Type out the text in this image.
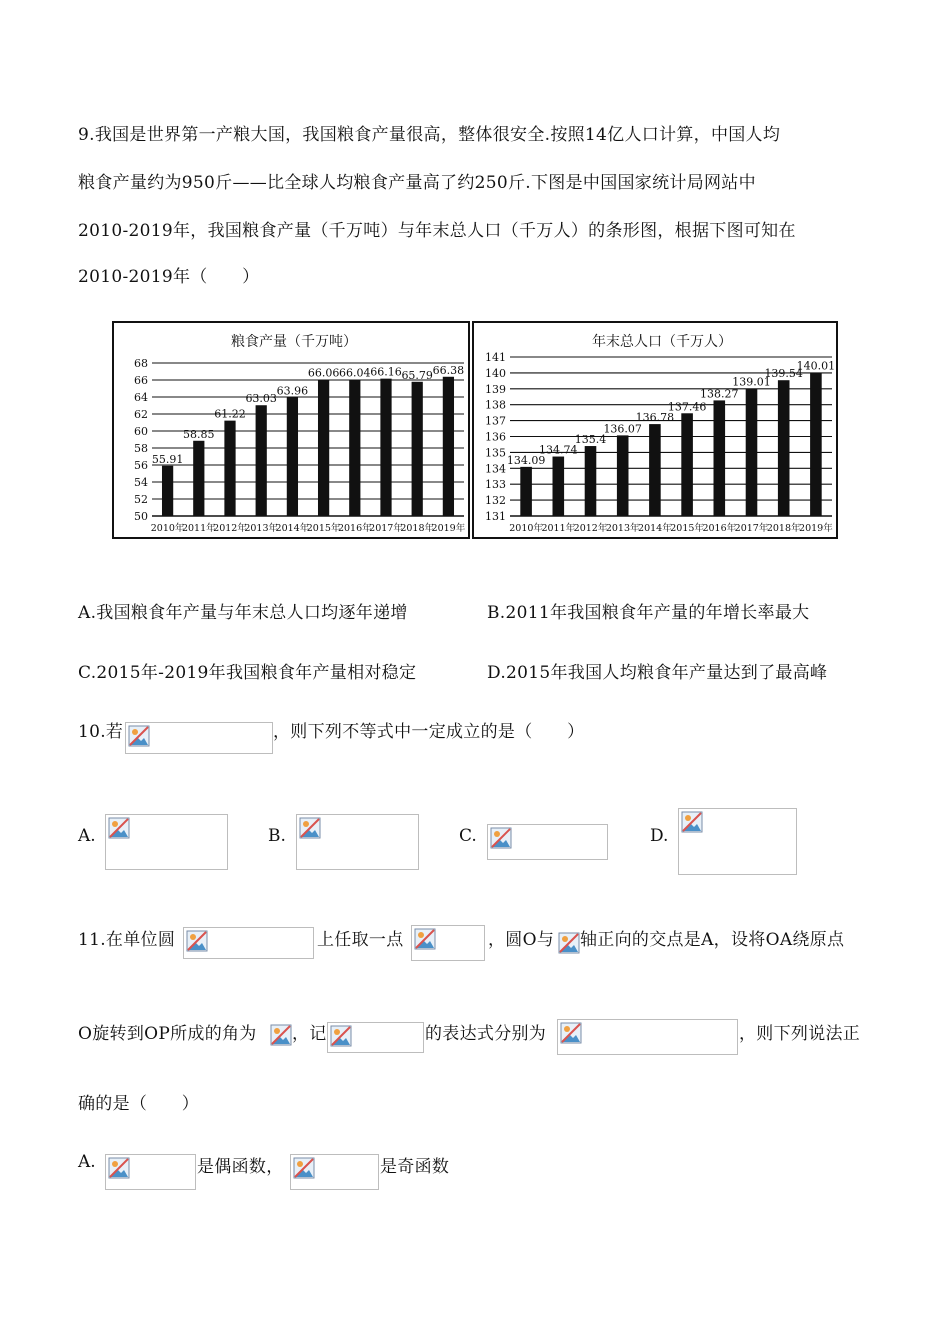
9.我国是世界第一产粮大国，我国粮食产量很高，整体很安全.按照14亿人口计算，中国人均
粮食产量约为950斤——比全球人均粮食产量高了约250斤.下图是中国国家统计局网站中
2010-2019年，我国粮食产量（千万吨）与年末总人口（千万人）的条形图，根据下图可知在
2010-2019年（　　）
粮食产量（千万吨）
50
52
54
56
58
60
62
64
66
68
55.91
2010年
58.85
2011年
61.22
2012年
63.03
2013年
63.96
2014年
66.06
2015年
66.04
2016年
66.16
2017年
65.79
2018年
66.38
2019年
年末总人口（千万人）
131
132
133
134
135
136
137
138
139
140
141
134.09
2010年
134.74
2011年
135.4
2012年
136.07
2013年
136.78
2014年
137.46
2015年
138.27
2016年
139.01
2017年
139.54
2018年
140.01
2019年
A.我国粮食年产量与年末总人口均逐年递增	B.2011年我国粮食年产量的年增长率最大
C.2015年-2019年我国粮食年产量相对稳定	D.2015年我国人均粮食年产量达到了最高峰
10.若	，则下列不等式中一定成立的是（　　）
A.	B.	C.	D.
11.在单位圆	上任取一点	，圆O与 轴正向的交点是A，设将OA绕原点
O旋转到OP所成的角为 ，记	的表达式分别为	，则下列说法正
确的是（　　）
A.	是偶函数，	是奇函数
